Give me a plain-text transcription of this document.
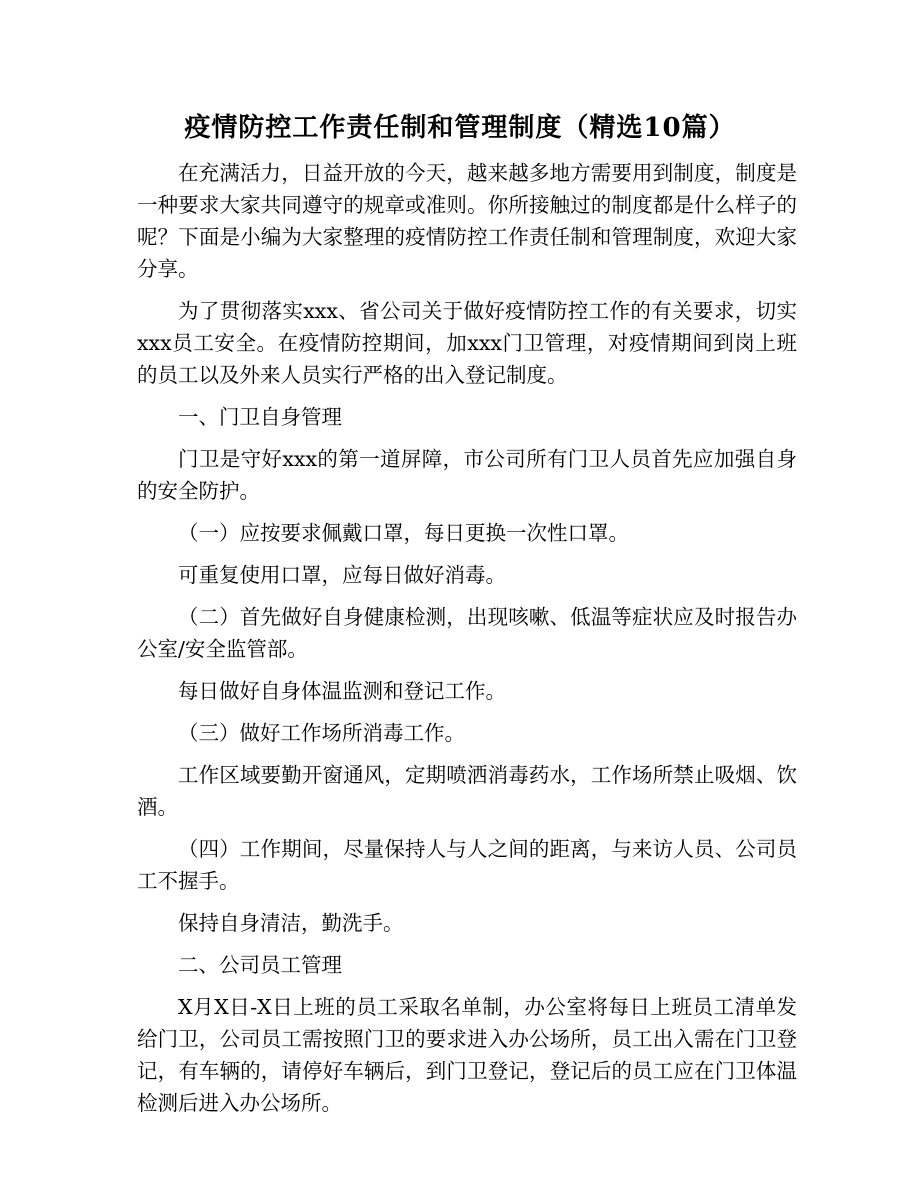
疫情防控工作责任制和管理制度（精选10篇）

在充满活力，日益开放的今天，越来越多地方需要用到制度，制度是一种要求大家共同遵守的规章或准则。你所接触过的制度都是什么样子的呢？下面是小编为大家整理的疫情防控工作责任制和管理制度，欢迎大家分享。

为了贯彻落实xxx、省公司关于做好疫情防控工作的有关要求，切实xxx员工安全。在疫情防控期间，加xxx门卫管理，对疫情期间到岗上班的员工以及外来人员实行严格的出入登记制度。

一、门卫自身管理

门卫是守好xxx的第一道屏障，市公司所有门卫人员首先应加强自身的安全防护。

（一）应按要求佩戴口罩，每日更换一次性口罩。

可重复使用口罩，应每日做好消毒。

（二）首先做好自身健康检测，出现咳嗽、低温等症状应及时报告办公室/安全监管部。

每日做好自身体温监测和登记工作。

（三）做好工作场所消毒工作。

工作区域要勤开窗通风，定期喷洒消毒药水，工作场所禁止吸烟、饮酒。

（四）工作期间，尽量保持人与人之间的距离，与来访人员、公司员工不握手。

保持自身清洁，勤洗手。

二、公司员工管理

X月X日-X日上班的员工采取名单制，办公室将每日上班员工清单发给门卫，公司员工需按照门卫的要求进入办公场所，员工出入需在门卫登记，有车辆的，请停好车辆后，到门卫登记，登记后的员工应在门卫体温检测后进入办公场所。
